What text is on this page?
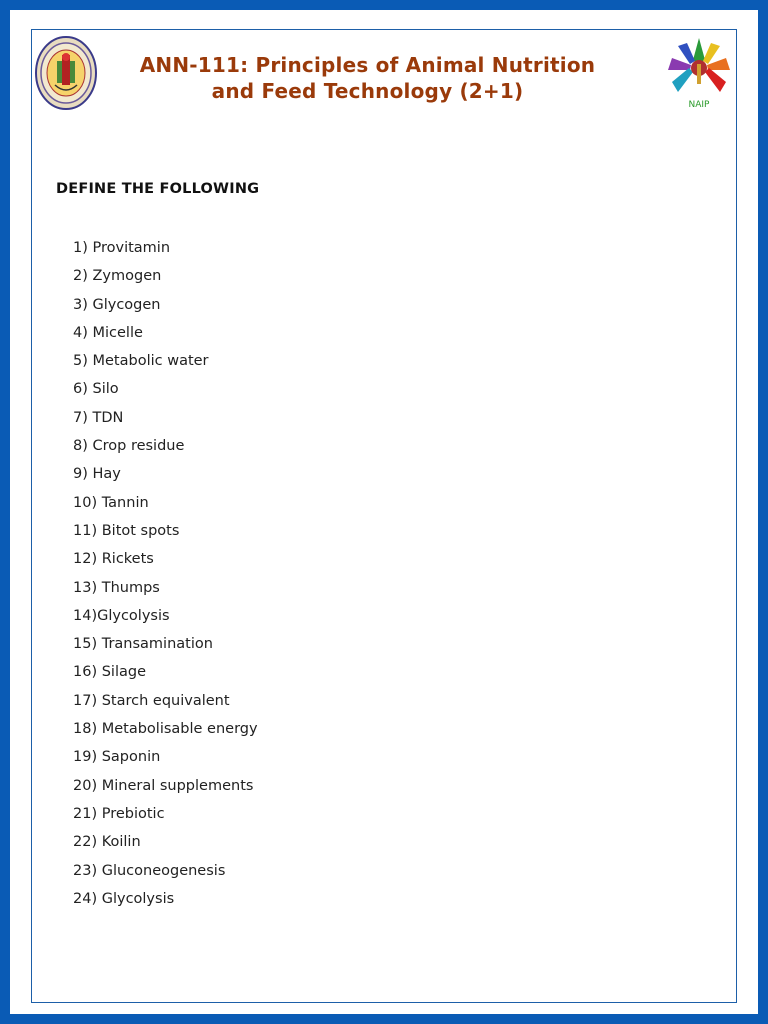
ANN-111: Principles of Animal Nutrition
and Feed Technology (2+1)
NAIP
DEFINE THE FOLLOWING
1) Provitamin
2) Zymogen
3) Glycogen
4) Micelle
5) Metabolic water
6) Silo
7) TDN
8) Crop residue
9) Hay
10) Tannin
11) Bitot spots
12) Rickets
13) Thumps
14)Glycolysis
15) Transamination
16) Silage
17) Starch equivalent
18) Metabolisable energy
19) Saponin
20) Mineral supplements
21) Prebiotic
22) Koilin
23) Gluconeogenesis
24) Glycolysis
